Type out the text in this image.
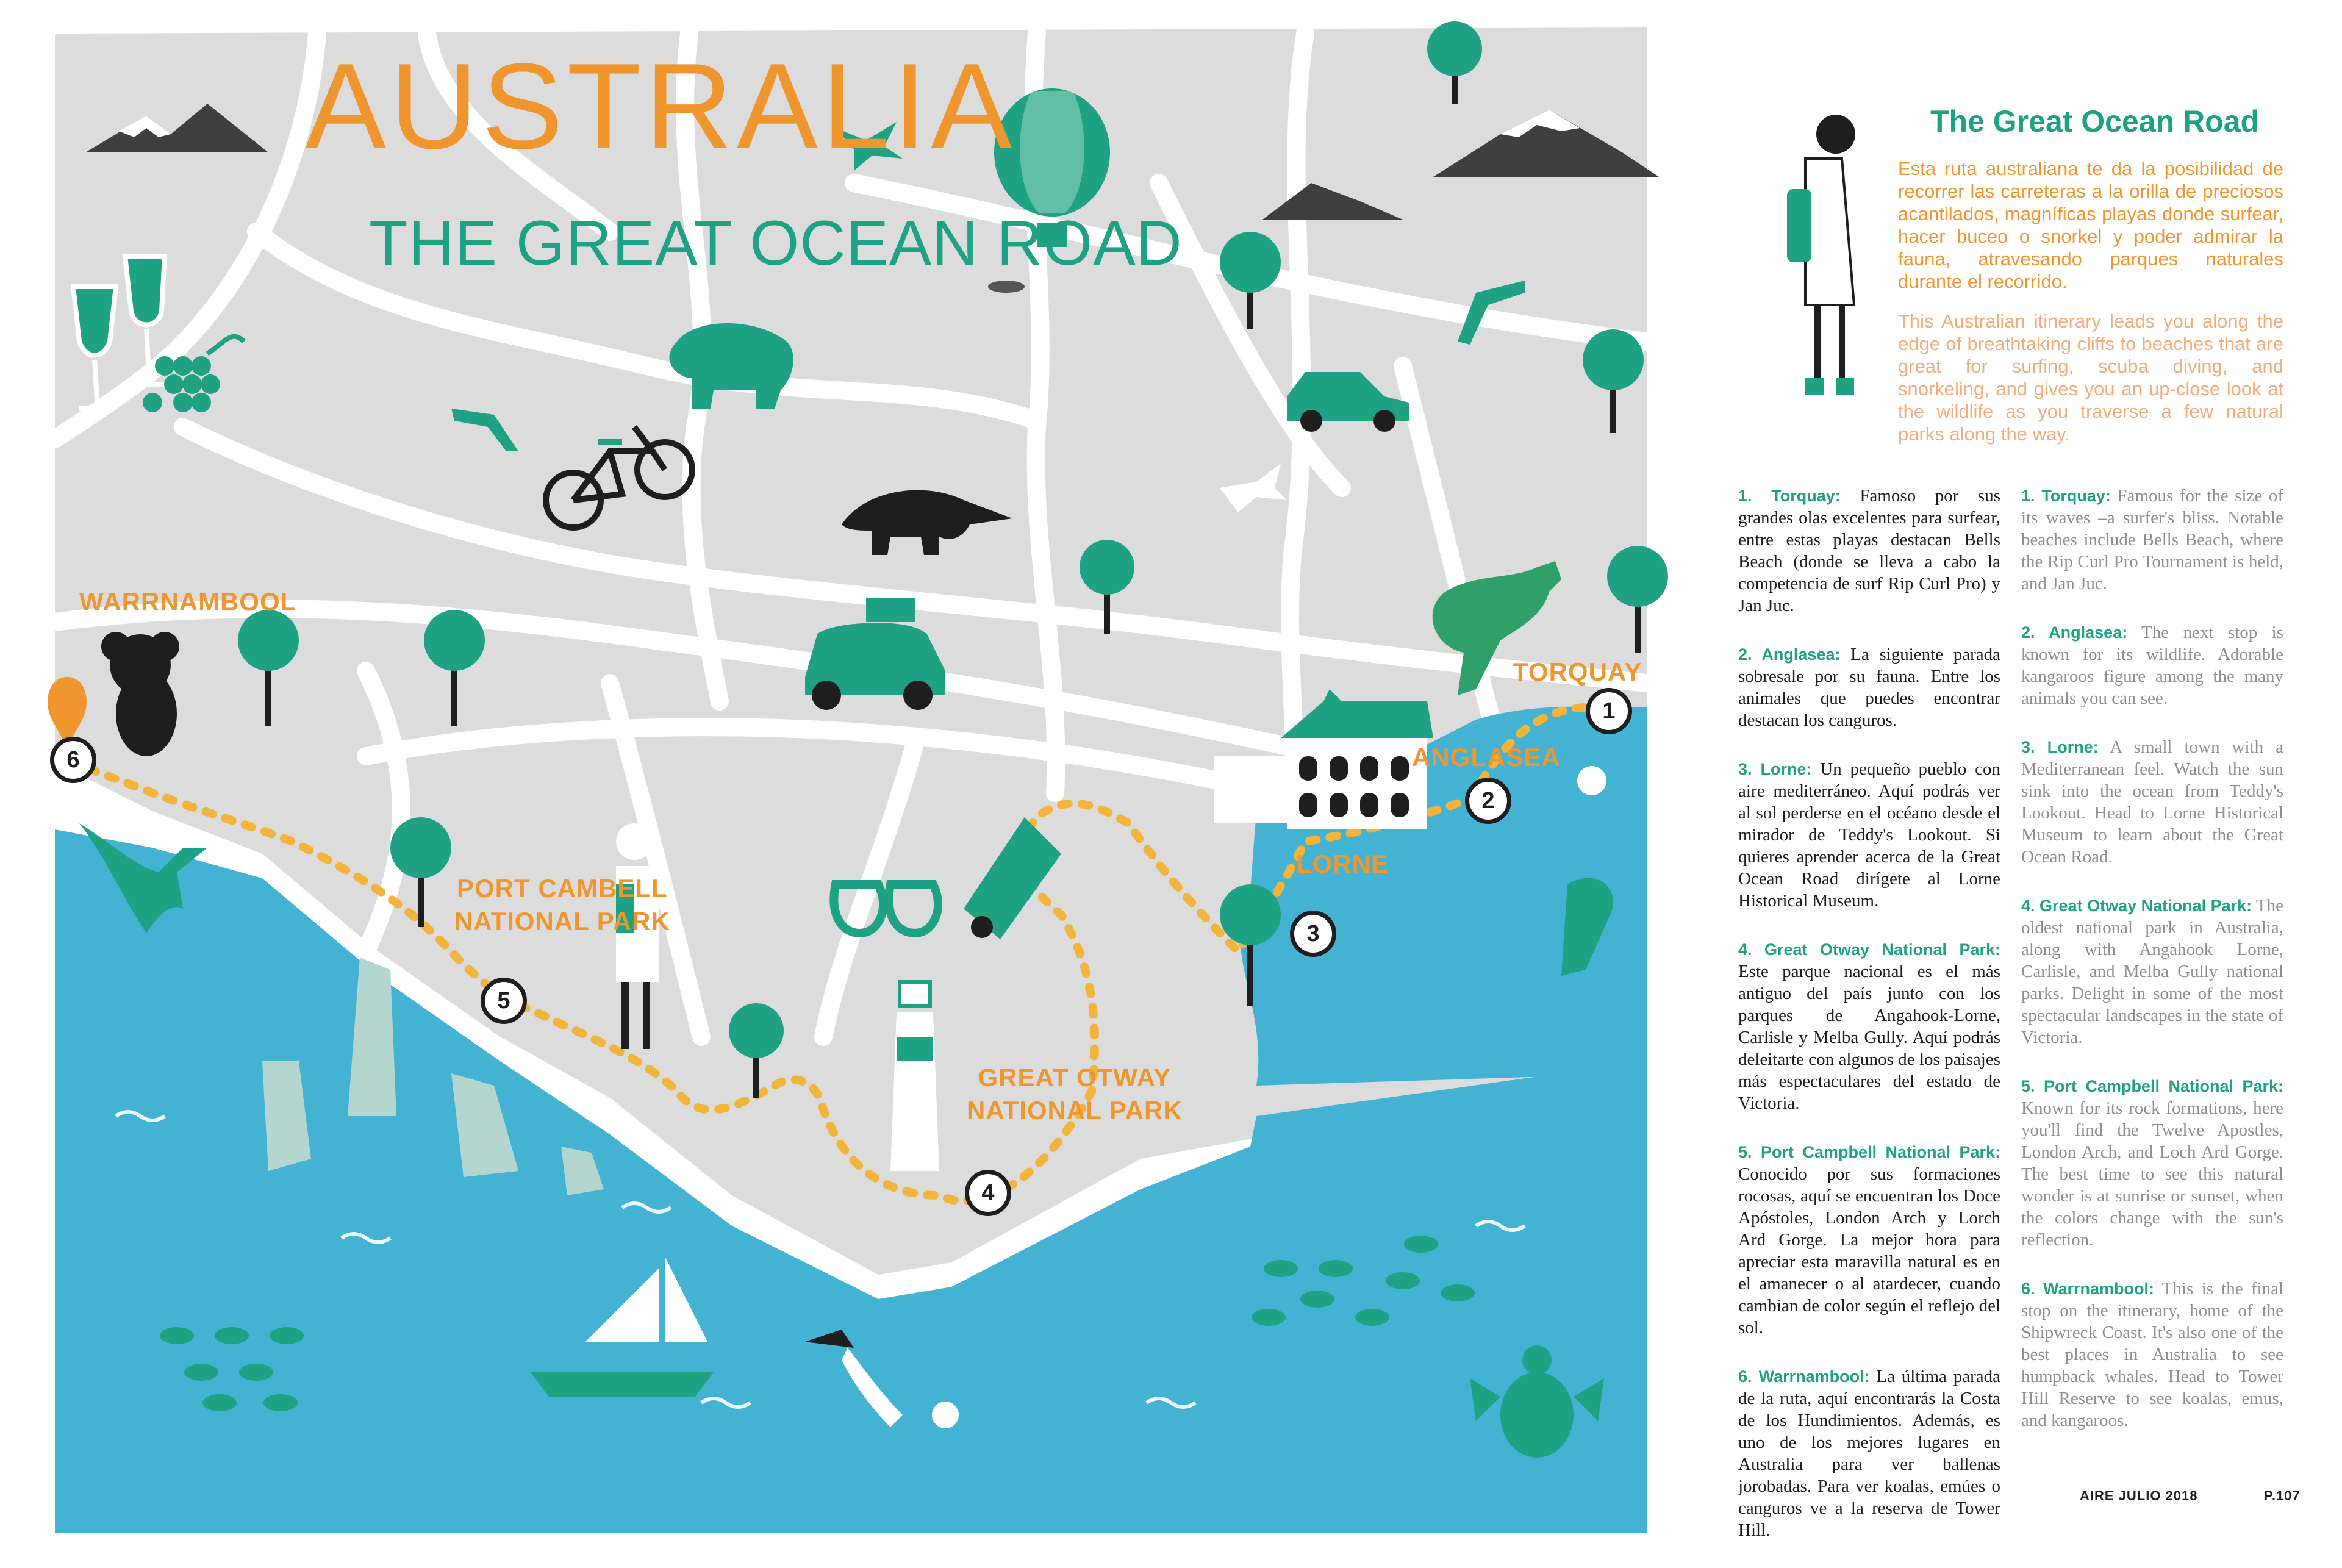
AUSTRALIA
THE GREAT OCEAN ROAD
WARRNAMBOOL
PORT CAMBELL
NATIONAL PARK
GREAT OTWAY
NATIONAL PARK
LORNE
ANGLASEA
TORQUAY
1
2
3
4
5
6
The Great Ocean Road
Esta ruta australiana te da la posibilidad de recorrer las carreteras a la orilla de preciosos acantilados, magníficas playas donde surfear, hacer buceo o snorkel y poder admirar la fauna, atravesando parques naturales durante el recorrido.
This Australian itinerary leads you along the edge of breathtaking cliffs to beaches that are great for surfing, scuba diving, and snorkeling, and gives you an up-close look at the wildlife as you traverse a few natural parks along the way.

1. Torquay: Famoso por sus grandes olas excelentes para surfear, entre estas playas destacan Bells Beach (donde se lleva a cabo la competencia de surf Rip Curl Pro) y Jan Juc.

2. Anglasea: La siguiente parada sobresale por su fauna. Entre los animales que puedes encontrar destacan los canguros.

3. Lorne: Un pequeño pueblo con aire mediterráneo. Aquí podrás ver al sol perderse en el océano desde el mirador de Teddy's Lookout. Si quieres aprender acerca de la Great Ocean Road dirígete al Lorne Historical Museum.

4. Great Otway National Park: Este parque nacional es el más antiguo del país junto con los parques de Angahook-Lorne, Carlisle y Melba Gully. Aquí podrás deleitarte con algunos de los paisajes más espectaculares del estado de Victoria.

5. Port Campbell National Park: Conocido por sus formaciones rocosas, aquí se encuentran los Doce Apóstoles, London Arch y Lorch Ard Gorge. La mejor hora para apreciar esta maravilla natural es en el amanecer o al atardecer, cuando cambian de color según el reflejo del sol.

6. Warrnambool: La última parada de la ruta, aquí encontrarás la Costa de los Hundimientos. Además, es uno de los mejores lugares en Australia para ver ballenas jorobadas. Para ver koalas, emúes o canguros ve a la reserva de Tower Hill.

1. Torquay: Famous for the size of its waves –a surfer's bliss. Notable beaches include Bells Beach, where the Rip Curl Pro Tournament is held, and Jan Juc.

2. Anglasea: The next stop is known for its wildlife. Adorable kangaroos figure among the many animals you can see.

3. Lorne: A small town with a Mediterranean feel. Watch the sun sink into the ocean from Teddy's Lookout. Head to Lorne Historical Museum to learn about the Great Ocean Road.

4. Great Otway National Park: The oldest national park in Australia, along with Angahook Lorne, Carlisle, and Melba Gully national parks. Delight in some of the most spectacular landscapes in the state of Victoria.

5. Port Campbell National Park: Known for its rock formations, here you'll find the Twelve Apostles, London Arch, and Loch Ard Gorge. The best time to see this natural wonder is at sunrise or sunset, when the colors change with the sun's reflection.

6. Warrnambool: This is the final stop on the itinerary, home of the Shipwreck Coast. It's also one of the best places in Australia to see humpback whales. Head to Tower Hill Reserve to see koalas, emus, and kangaroos.

AIRE JULIO 2018	P.107
